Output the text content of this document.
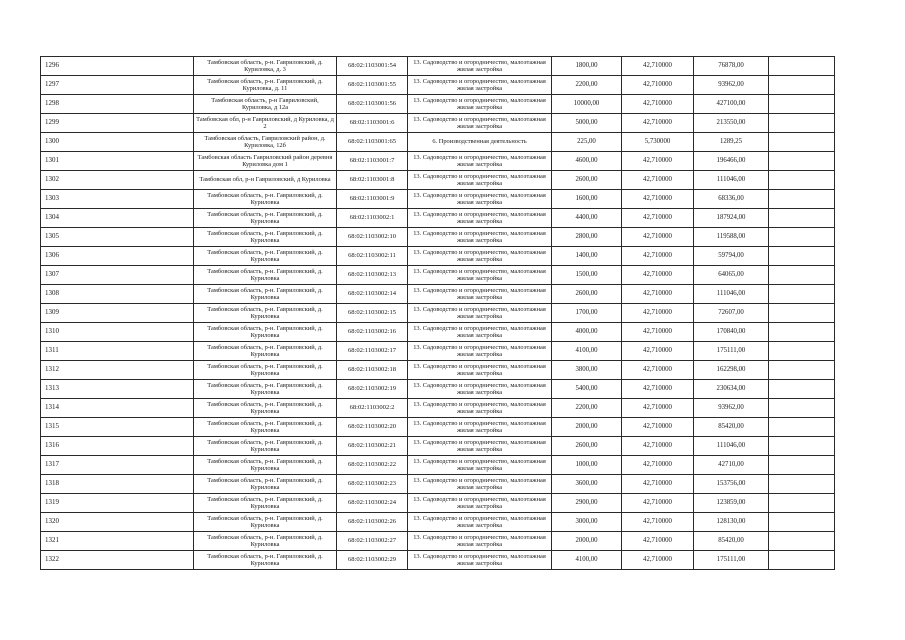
1296	Тамбовская область, р-н. Гавриловский, д. Куриловка, д. 3	68:02:1103001:54	13. Садоводство и огородничество, малоэтажная жилая застройка	1800,00	42,710000	76878,00	
1297	Тамбовская область, р-н. Гавриловский, д. Куриловка, д. 11	68:02:1103001:55	13. Садоводство и огородничество, малоэтажная жилая застройка	2200,00	42,710000	93962,00	
1298	Тамбовская область, р-н Гавриловский, Куриловка, д 12а	68:02:1103001:56	13. Садоводство и огородничество, малоэтажная жилая застройка	10000,00	42,710000	427100,00	
1299	Тамбовская обл, р-н Гавриловский, д Куриловка, д 2	68:02:1103001:6	13. Садоводство и огородничество, малоэтажная жилая застройка	5000,00	42,710000	213550,00	
1300	Тамбовская область, Гавриловский район, д. Куриловка, 12б	68:02:1103001:65	6. Производственная деятельность	225,00	5,730000	1289,25	
1301	Тамбовская область Гавриловский район деревня Куриловка дом 1	68:02:1103001:7	13. Садоводство и огородничество, малоэтажная жилая застройка	4600,00	42,710000	196466,00	
1302	Тамбовская обл, р-н Гавриловский, д Куриловка	68:02:1103001:8	13. Садоводство и огородничество, малоэтажная жилая застройка	2600,00	42,710000	111046,00	
1303	Тамбовская область, р-н. Гавриловский, д. Куриловка	68:02:1103001:9	13. Садоводство и огородничество, малоэтажная жилая застройка	1600,00	42,710000	68336,00	
1304	Тамбовская область, р-н. Гавриловский, д. Куриловка	68:02:1103002:1	13. Садоводство и огородничество, малоэтажная жилая застройка	4400,00	42,710000	187924,00	
1305	Тамбовская область, р-н. Гавриловский, д. Куриловка	68:02:1103002:10	13. Садоводство и огородничество, малоэтажная жилая застройка	2800,00	42,710000	119588,00	
1306	Тамбовская область, р-н. Гавриловский, д. Куриловка	68:02:1103002:11	13. Садоводство и огородничество, малоэтажная жилая застройка	1400,00	42,710000	59794,00	
1307	Тамбовская область, р-н. Гавриловский, д. Куриловка	68:02:1103002:13	13. Садоводство и огородничество, малоэтажная жилая застройка	1500,00	42,710000	64065,00	
1308	Тамбовская область, р-н. Гавриловский, д. Куриловка	68:02:1103002:14	13. Садоводство и огородничество, малоэтажная жилая застройка	2600,00	42,710000	111046,00	
1309	Тамбовская область, р-н. Гавриловский, д. Куриловка	68:02:1103002:15	13. Садоводство и огородничество, малоэтажная жилая застройка	1700,00	42,710000	72607,00	
1310	Тамбовская область, р-н. Гавриловский, д. Куриловка	68:02:1103002:16	13. Садоводство и огородничество, малоэтажная жилая застройка	4000,00	42,710000	170840,00	
1311	Тамбовская область, р-н. Гавриловский, д. Куриловка	68:02:1103002:17	13. Садоводство и огородничество, малоэтажная жилая застройка	4100,00	42,710000	175111,00	
1312	Тамбовская область, р-н. Гавриловский, д. Куриловка	68:02:1103002:18	13. Садоводство и огородничество, малоэтажная жилая застройка	3800,00	42,710000	162298,00	
1313	Тамбовская область, р-н. Гавриловский, д. Куриловка	68:02:1103002:19	13. Садоводство и огородничество, малоэтажная жилая застройка	5400,00	42,710000	230634,00	
1314	Тамбовская область, р-н. Гавриловский, д. Куриловка	68:02:1103002:2	13. Садоводство и огородничество, малоэтажная жилая застройка	2200,00	42,710000	93962,00	
1315	Тамбовская область, р-н. Гавриловский, д. Куриловка	68:02:1103002:20	13. Садоводство и огородничество, малоэтажная жилая застройка	2000,00	42,710000	85420,00	
1316	Тамбовская область, р-н. Гавриловский, д. Куриловка	68:02:1103002:21	13. Садоводство и огородничество, малоэтажная жилая застройка	2600,00	42,710000	111046,00	
1317	Тамбовская область, р-н. Гавриловский, д. Куриловка	68:02:1103002:22	13. Садоводство и огородничество, малоэтажная жилая застройка	1000,00	42,710000	42710,00	
1318	Тамбовская область, р-н. Гавриловский, д. Куриловка	68:02:1103002:23	13. Садоводство и огородничество, малоэтажная жилая застройка	3600,00	42,710000	153756,00	
1319	Тамбовская область, р-н. Гавриловский, д. Куриловка	68:02:1103002:24	13. Садоводство и огородничество, малоэтажная жилая застройка	2900,00	42,710000	123859,00	
1320	Тамбовская область, р-н. Гавриловский, д. Куриловка	68:02:1103002:26	13. Садоводство и огородничество, малоэтажная жилая застройка	3000,00	42,710000	128130,00	
1321	Тамбовская область, р-н. Гавриловский, д. Куриловка	68:02:1103002:27	13. Садоводство и огородничество, малоэтажная жилая застройка	2000,00	42,710000	85420,00	
1322	Тамбовская область, р-н. Гавриловский, д. Куриловка	68:02:1103002:29	13. Садоводство и огородничество, малоэтажная жилая застройка	4100,00	42,710000	175111,00	
